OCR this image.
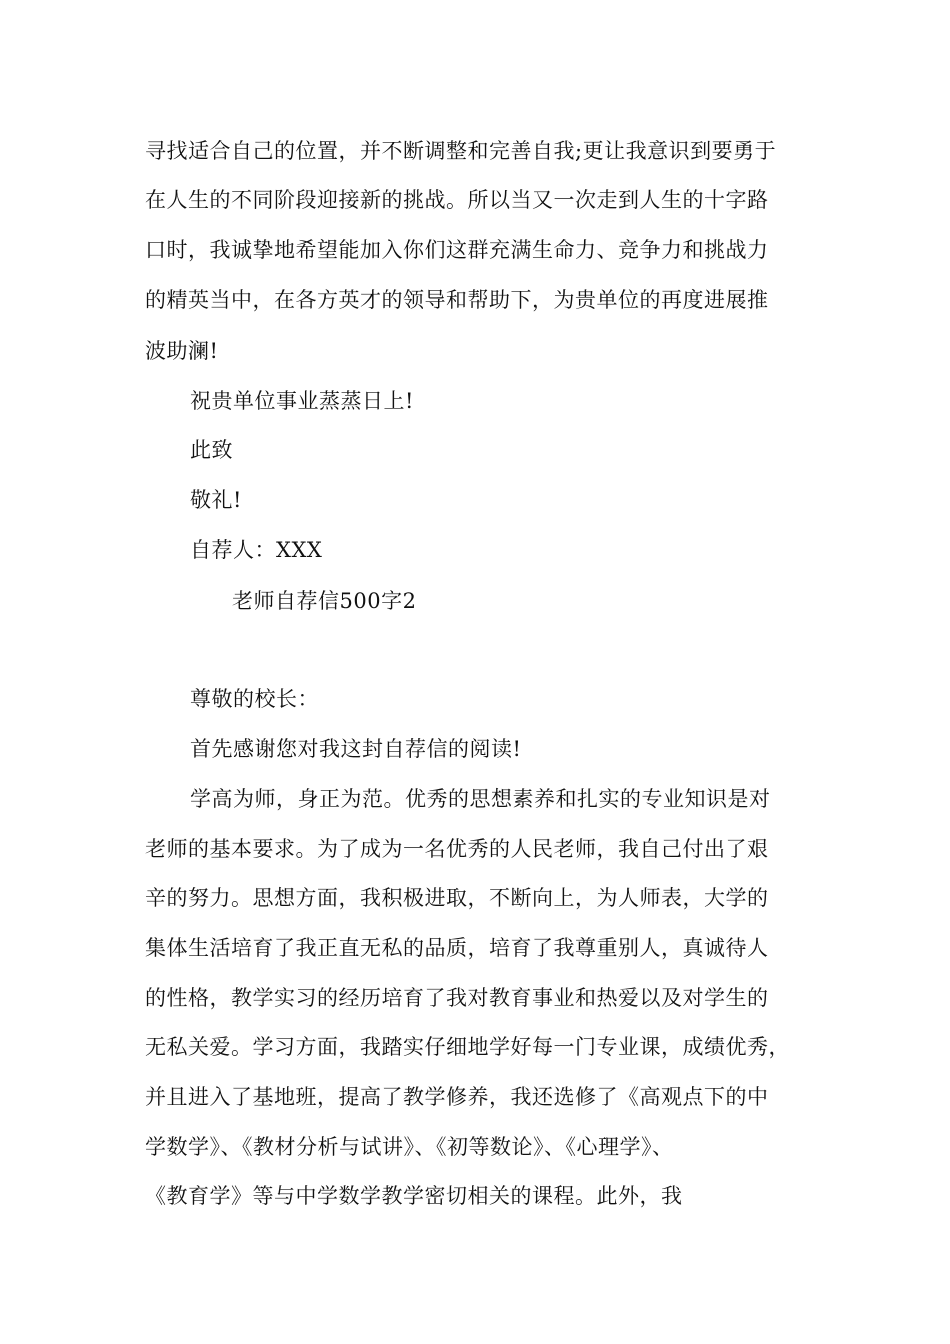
寻找适合自己的位置，并不断调整和完善自我;更让我意识到要勇于
在人生的不同阶段迎接新的挑战。所以当又一次走到人生的十字路
口时，我诚挚地希望能加入你们这群充满生命力、竞争力和挑战力
的精英当中，在各方英才的领导和帮助下，为贵单位的再度进展推
波助澜!
祝贵单位事业蒸蒸日上!
此致
敬礼!
自荐人：XXX
老师自荐信500字2
尊敬的校长：
首先感谢您对我这封自荐信的阅读!
学高为师，身正为范。优秀的思想素养和扎实的专业知识是对
老师的基本要求。为了成为一名优秀的人民老师，我自己付出了艰
辛的努力。思想方面，我积极进取，不断向上，为人师表，大学的
集体生活培育了我正直无私的品质，培育了我尊重别人，真诚待人
的性格，教学实习的经历培育了我对教育事业和热爱以及对学生的
无私关爱。学习方面，我踏实仔细地学好每一门专业课，成绩优秀，
并且进入了基地班，提高了教学修养，我还选修了《高观点下的中
学数学》、《教材分析与试讲》、《初等数论》、《心理学》、
《教育学》等与中学数学教学密切相关的课程。此外，我
